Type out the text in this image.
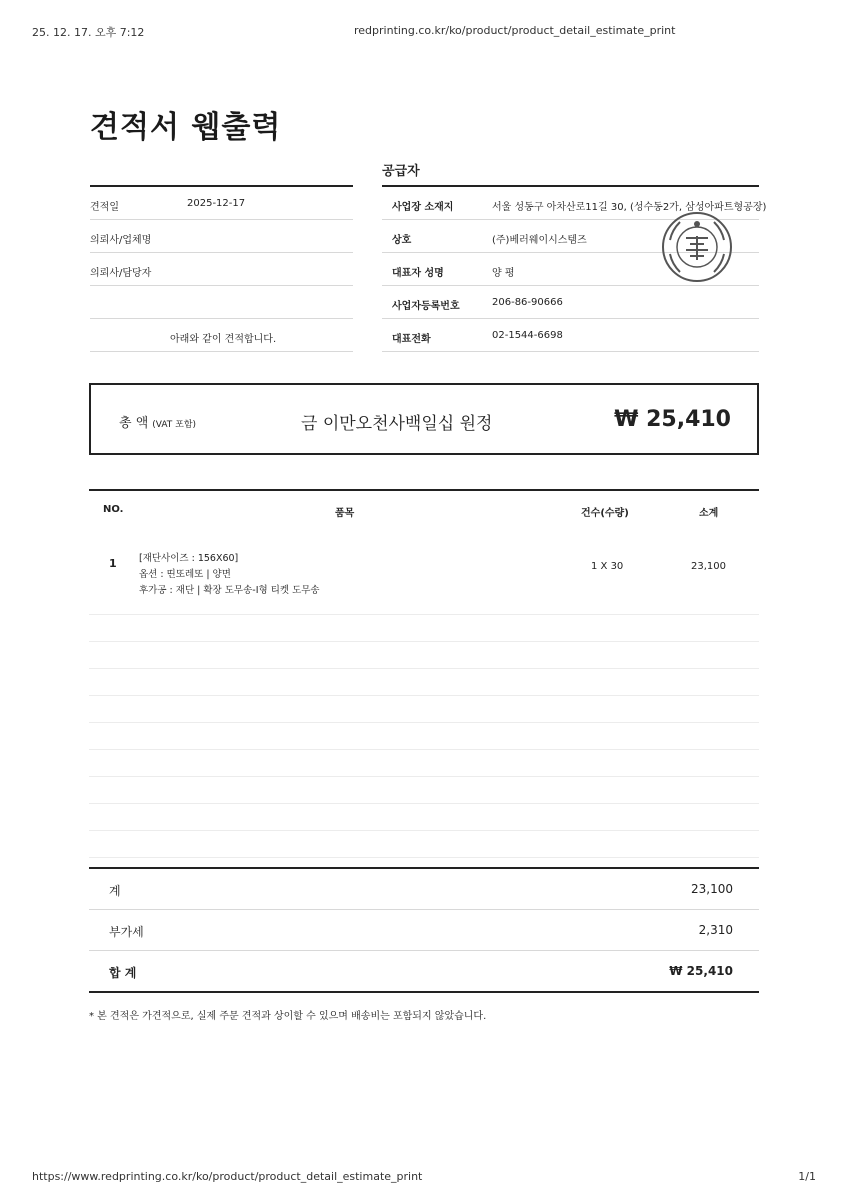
25. 12. 17. 오후 7:12	redprinting.co.kr/ko/product/product_detail_estimate_print
견적서 웹출력
공급자
견적일	2025-12-17
의뢰사/업체명
의뢰사/담당자
아래와 같이 견적합니다.
사업장 소재지	서울 성동구 아차산로11길 30, (성수동2가, 삼성아파트형공장)
상호	(주)베러웨이시스템즈
대표자 성명	양 평
사업자등록번호	206-86-90666
대표전화	02-1544-6698
총 액 (VAT 포함)	금 이만오천사백일십 원정	₩ 25,410
NO.	품목	건수(수량)	소계
1 [재단사이즈 : 156X60]
옵션 : 띤또레또 | 양면
후가공 : 재단 | 확장 도무송-I형 티켓 도무송
1 X 30	23,100
계	23,100
부가세	2,310
합 계	₩ 25,410
* 본 견적은 가견적으로, 실제 주문 견적과 상이할 수 있으며 배송비는 포함되지 않았습니다.
https://www.redprinting.co.kr/ko/product/product_detail_estimate_print	1/1
